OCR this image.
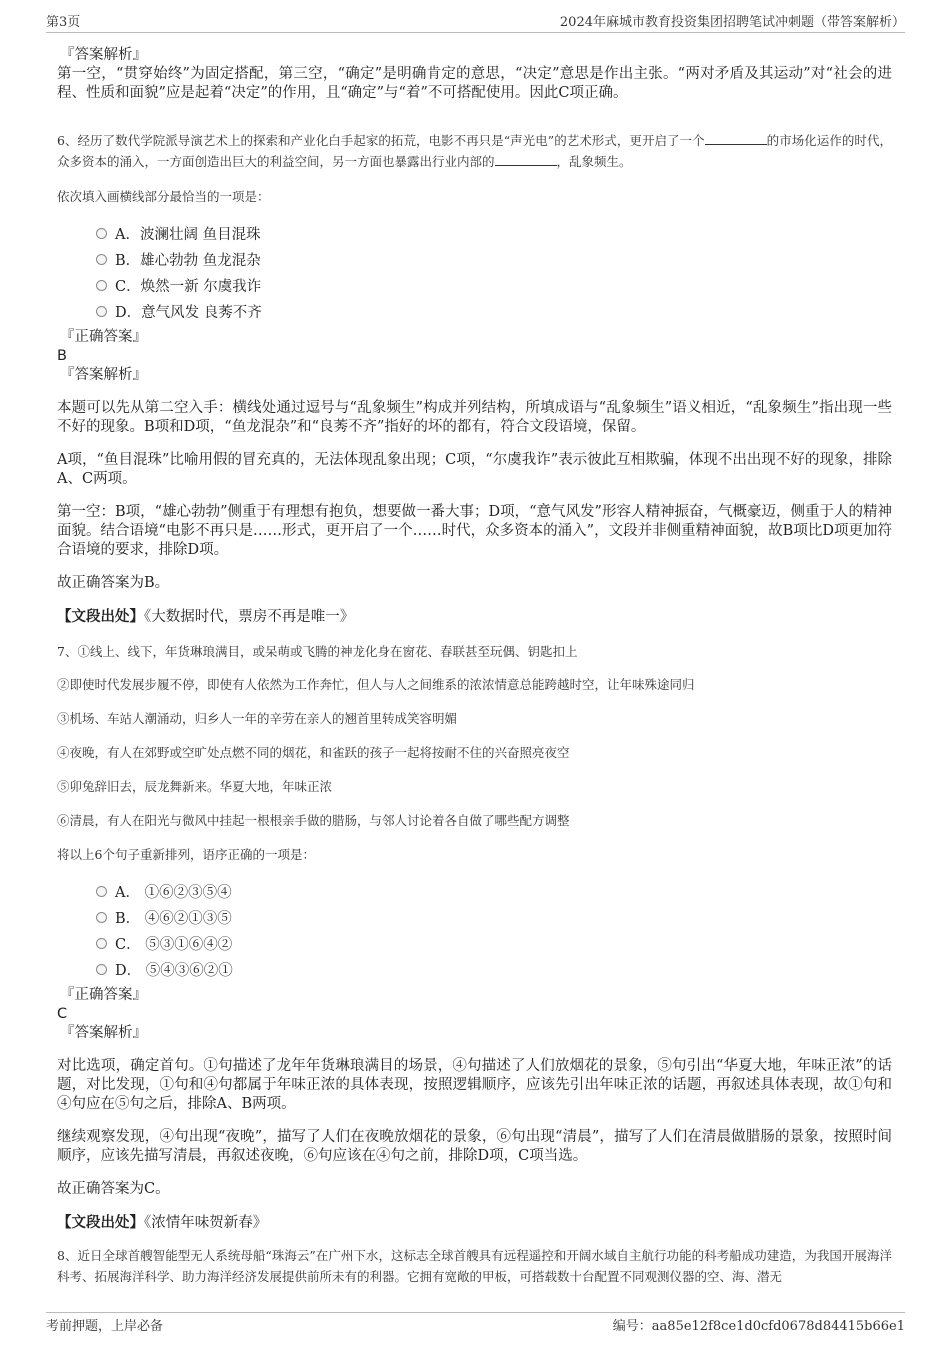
第3页	2024年麻城市教育投资集团招聘笔试冲刺题（带答案解析）

『答案解析』

第一空，“贯穿始终”为固定搭配，第三空，“确定”是明确肯定的意思，“决定”意思是作出主张。“两对矛盾及其运动”对“社会的进程、性质和面貌”应是起着“决定”的作用，且“确定”与“着”不可搭配使用。因此C项正确。

6、经历了数代学院派导演艺术上的探索和产业化白手起家的拓荒，电影不再只是“声光电”的艺术形式，更开启了一个	的市场化运作的时代，众多资本的涌入，一方面创造出巨大的利益空间，另一方面也暴露出行业内部的	，乱象频生。

依次填入画横线部分最恰当的一项是：

A．波澜壮阔 鱼目混珠
B．雄心勃勃 鱼龙混杂
C．焕然一新 尔虞我诈
D．意气风发 良莠不齐

『正确答案』

B

『答案解析』

本题可以先从第二空入手：横线处通过逗号与“乱象频生”构成并列结构，所填成语与“乱象频生”语义相近，“乱象频生”指出现一些不好的现象。B项和D项，“鱼龙混杂”和“良莠不齐”指好的坏的都有，符合文段语境，保留。

A项，“鱼目混珠”比喻用假的冒充真的，无法体现乱象出现；C项，“尔虞我诈”表示彼此互相欺骗，体现不出出现不好的现象，排除A、C两项。

第一空：B项，“雄心勃勃”侧重于有理想有抱负，想要做一番大事；D项，“意气风发”形容人精神振奋，气概豪迈，侧重于人的精神面貌。结合语境“电影不再只是……形式，更开启了一个……时代，众多资本的涌入”，文段并非侧重精神面貌，故B项比D项更加符合语境的要求，排除D项。

故正确答案为B。

【文段出处】《大数据时代，票房不再是唯一》

7、①线上、线下，年货琳琅满目，或呆萌或飞腾的神龙化身在窗花、春联甚至玩偶、钥匙扣上

②即使时代发展步履不停，即使有人依然为工作奔忙，但人与人之间维系的浓浓情意总能跨越时空，让年味殊途同归

③机场、车站人潮涌动，归乡人一年的辛劳在亲人的翘首里转成笑容明媚

④夜晚，有人在郊野或空旷处点燃不同的烟花，和雀跃的孩子一起将按耐不住的兴奋照亮夜空

⑤卯兔辞旧去，辰龙舞新来。华夏大地，年味正浓

⑥清晨，有人在阳光与微风中挂起一根根亲手做的腊肠，与邻人讨论着各自做了哪些配方调整

将以上6个句子重新排列，语序正确的一项是：

A． ①⑥②③⑤④
B． ④⑥②①③⑤
C． ⑤③①⑥④②
D． ⑤④③⑥②①

『正确答案』

C

『答案解析』

对比选项，确定首句。①句描述了龙年年货琳琅满目的场景，④句描述了人们放烟花的景象，⑤句引出“华夏大地，年味正浓”的话题，对比发现，①句和④句都属于年味正浓的具体表现，按照逻辑顺序，应该先引出年味正浓的话题，再叙述具体表现，故①句和④句应在⑤句之后，排除A、B两项。

继续观察发现，④句出现“夜晚”，描写了人们在夜晚放烟花的景象，⑥句出现“清晨”，描写了人们在清晨做腊肠的景象，按照时间顺序，应该先描写清晨，再叙述夜晚，⑥句应该在④句之前，排除D项，C项当选。

故正确答案为C。

【文段出处】《浓情年味贺新春》

8、近日全球首艘智能型无人系统母船“珠海云”在广州下水，这标志全球首艘具有远程遥控和开阔水域自主航行功能的科考船成功建造，为我国开展海洋科考、拓展海洋科学、助力海洋经济发展提供前所未有的利器。它拥有宽敞的甲板，可搭载数十台配置不同观测仪器的空、海、潜无

考前押题，上岸必备	编号：aa85e12f8ce1d0cfd0678d84415b66e1
